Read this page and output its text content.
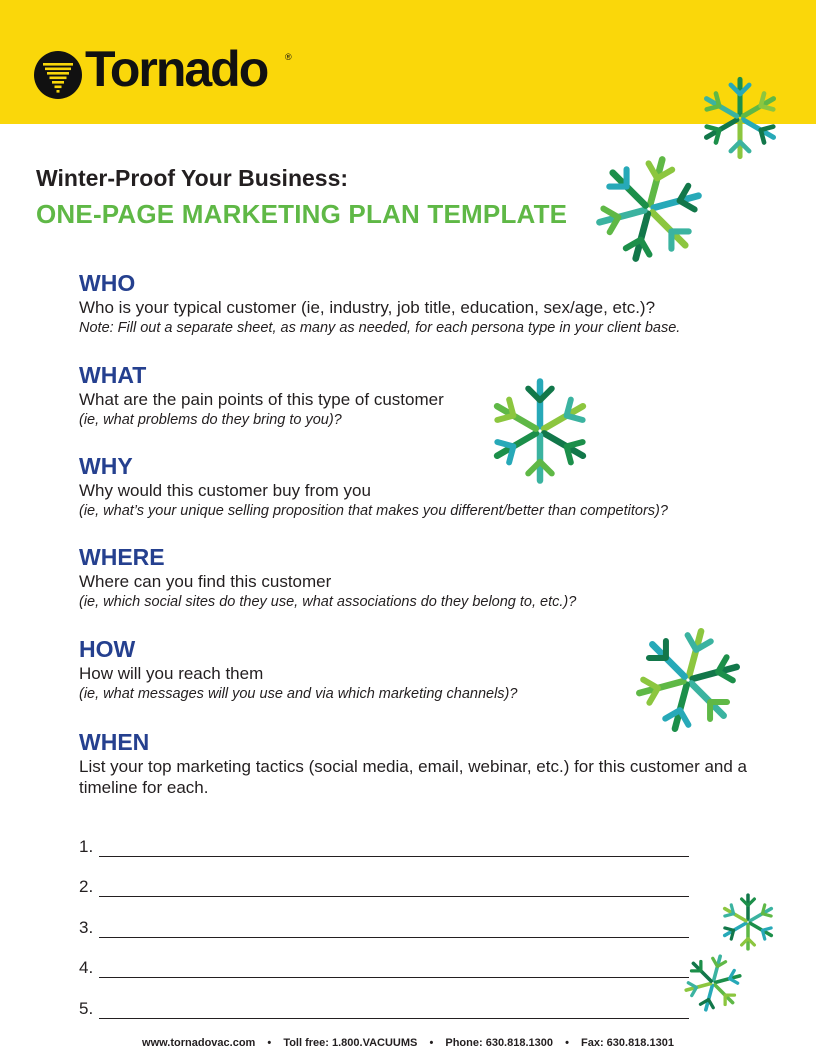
Tornado ®
Winter-Proof Your Business:
ONE-PAGE MARKETING PLAN TEMPLATE
WHO
Who is your typical customer (ie, industry, job title, education, sex/age, etc.)?
Note: Fill out a separate sheet, as many as needed, for each persona type in your client base.
WHAT
What are the pain points of this type of customer
(ie, what problems do they bring to you)?
WHY
Why would this customer buy from you
(ie, what’s your unique selling proposition that makes you different/better than competitors)?
WHERE
Where can you find this customer
(ie, which social sites do they use, what associations do they belong to, etc.)?
HOW
How will you reach them
(ie, what messages will you use and via which marketing channels)?
WHEN
List your top marketing tactics (social media, email, webinar, etc.) for this customer and a timeline for each.
1.
2.
3.
4.
5.
www.tornadovac.com • Toll free: 1.800.VACUUMS • Phone: 630.818.1300 • Fax: 630.818.1301
